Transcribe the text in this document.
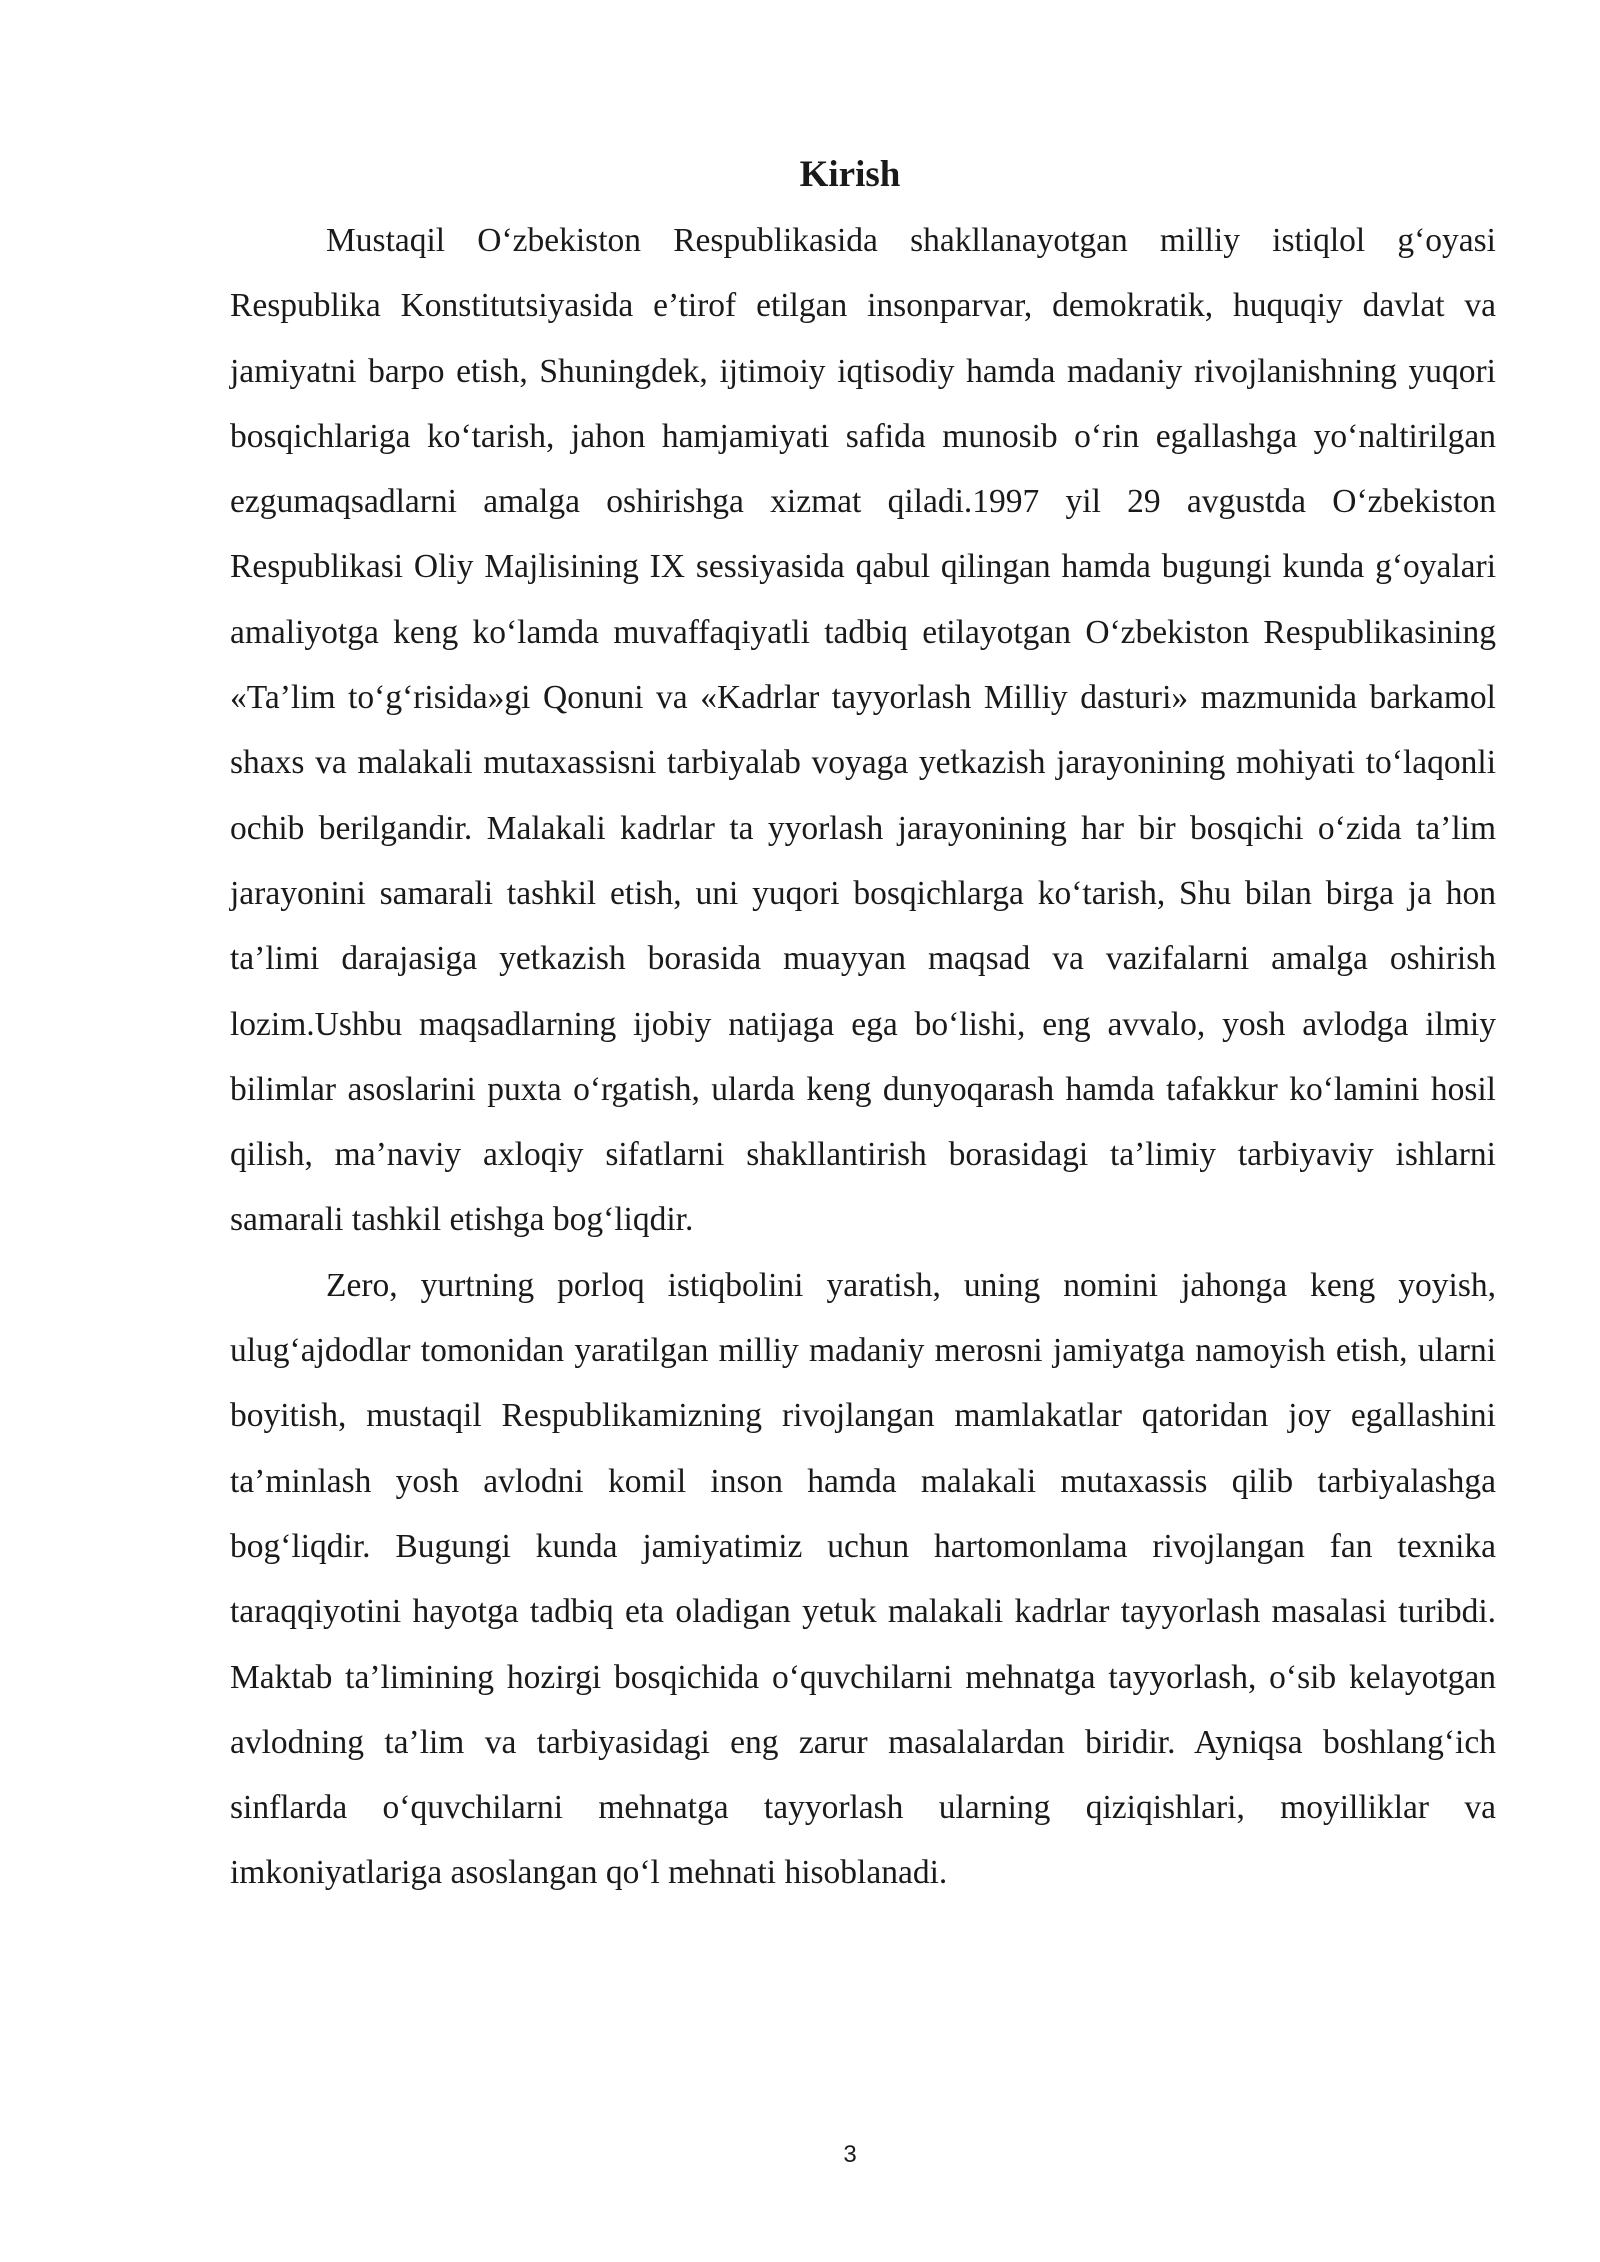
Kirish

Mustaqil O‘zbekiston Respublikasida shakllanayotgan milliy istiqlol g‘oyasi Respublika Konstitutsiyasida e’tirof etilgan insonparvar, demokratik, huquqiy davlat va jamiyatni barpo etish, Shuningdek, ijtimoiy iqtisodiy hamda madaniy rivojlanishning yuqori bosqichlariga ko‘tarish, jahon hamjamiyati safida munosib o‘rin egallashga yo‘naltirilgan ezgumaqsadlarni amalga oshirishga xizmat qiladi.1997 yil 29 avgustda O‘zbekiston Respublikasi Oliy Majlisining IX sessiyasida qabul qilingan hamda bugungi kunda g‘oyalari amaliyotga keng ko‘lamda muvaffaqiyatli tadbiq etilayotgan O‘zbekiston Respublikasining «Ta’lim to‘g‘risida»gi Qonuni va «Kadrlar tayyorlash Milliy dasturi» mazmunida barkamol shaxs va malakali mutaxassisni tarbiyalab voyaga yetkazish jarayonining mohiyati to‘laqonli ochib berilgandir. Malakali kadrlar ta yyorlash jarayonining har bir bosqichi o‘zida ta’lim jarayonini samarali tashkil etish, uni yuqori bosqichlarga ko‘tarish, Shu bilan birga ja hon ta’limi darajasiga yetkazish borasida muayyan maqsad va vazifalarni amalga oshirish lozim.Ushbu maqsadlarning ijobiy natijaga ega bo‘lishi, eng avvalo, yosh avlodga ilmiy bilimlar asoslarini puxta o‘rgatish, ularda keng dunyoqarash hamda tafakkur ko‘lamini hosil qilish, ma’naviy axloqiy sifatlarni shakllantirish borasidagi ta’limiy tarbiyaviy ishlarni samarali tashkil etishga bog‘liqdir.

Zero, yurtning porloq istiqbolini yaratish, uning nomini jahonga keng yoyish, ulug‘ajdodlar tomonidan yaratilgan milliy madaniy merosni jamiyatga namoyish etish, ularni boyitish, mustaqil Respublikamizning rivojlangan mamlakatlar qatoridan joy egallashini ta’minlash yosh avlodni komil inson hamda malakali mutaxassis qilib tarbiyalashga bog‘liqdir. Bugungi kunda jamiyatimiz uchun hartomonlama rivojlangan fan texnika taraqqiyotini hayotga tadbiq eta oladigan yetuk malakali kadrlar tayyorlash masalasi turibdi. Maktab ta’limining hozirgi bosqichida o‘quvchilarni mehnatga tayyorlash, o‘sib kelayotgan avlodning ta’lim va tarbiyasidagi eng zarur masalalardan biridir. Ayniqsa boshlang‘ich sinflarda o‘quvchilarni mehnatga tayyorlash ularning qiziqishlari, moyilliklar va imkoniyatlariga asoslangan qo‘l mehnati hisoblanadi.

3
